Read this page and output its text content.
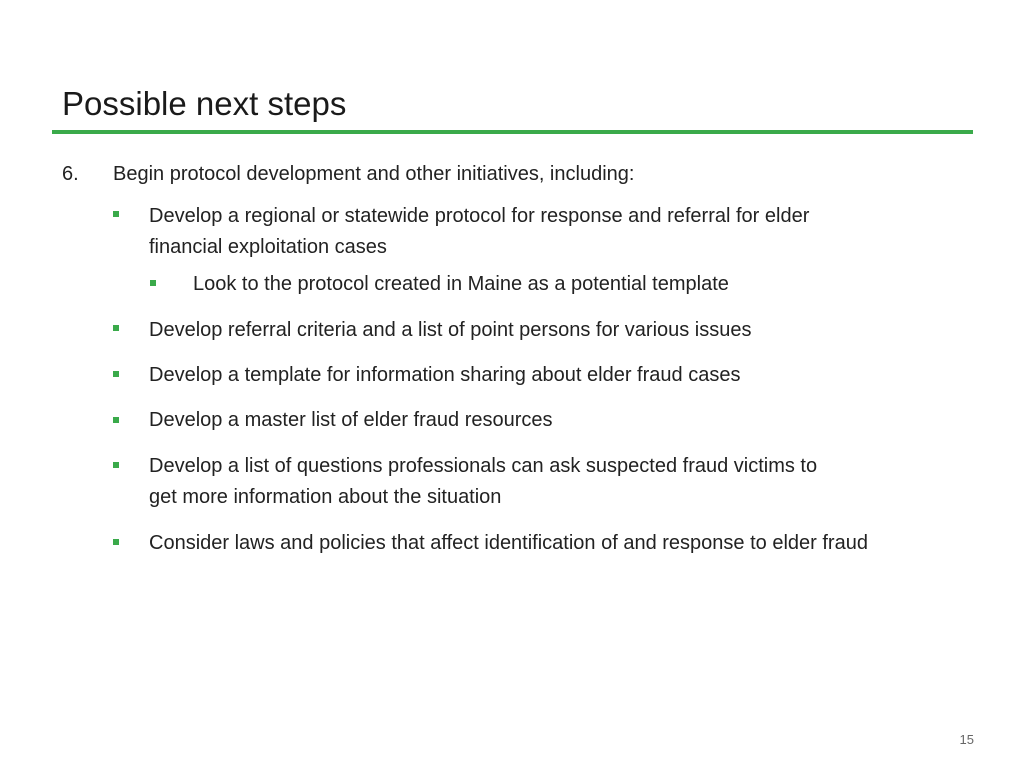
Possible next steps
6. Begin protocol development and other initiatives, including:
Develop a regional or statewide protocol for response and referral for elder financial exploitation cases
Look to the protocol created in Maine as a potential template
Develop referral criteria and a list of point persons for various issues
Develop a template for information sharing about elder fraud cases
Develop a master list of elder fraud resources
Develop a list of questions professionals can ask suspected fraud victims to get more information about the situation
Consider laws and policies that affect identification of and response to elder fraud
15
